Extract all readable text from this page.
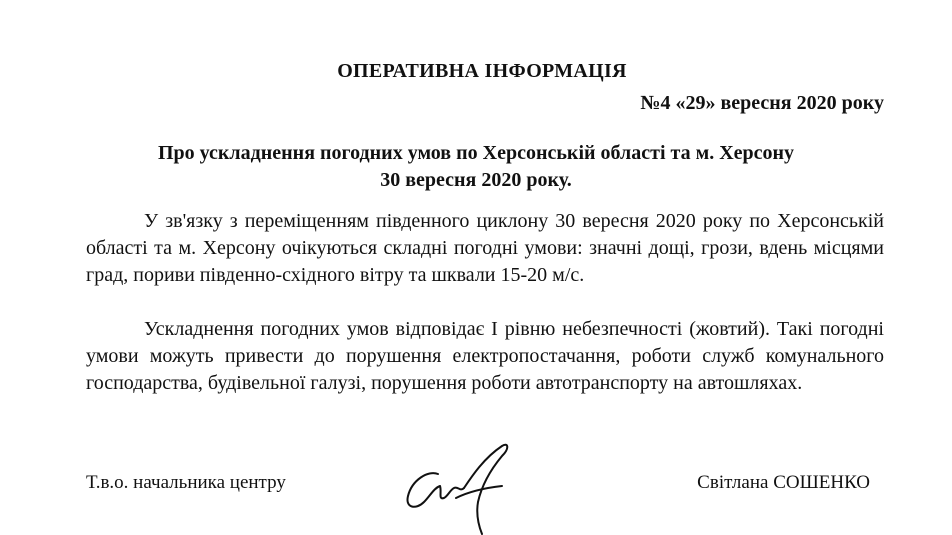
ОПЕРАТИВНА ІНФОРМАЦІЯ

№4 «29» вересня 2020 року

Про ускладнення погодних умов по Херсонській області та м. Херсону
30 вересня 2020 року.

У зв'язку з переміщенням південного циклону 30 вересня 2020 року по Херсонській області та м. Херсону очікуються складні погодні умови: значні дощі, грози, вдень місцями град, пориви південно-східного вітру та шквали 15-20 м/с.

Ускладнення погодних умов відповідає І рівню небезпечності (жовтий). Такі погодні умови можуть привести до порушення електропостачання, роботи служб комунального господарства, будівельної галузі, порушення роботи автотранспорту на автошляхах.

Т.в.о. начальника центру	Світлана СОШЕНКО
